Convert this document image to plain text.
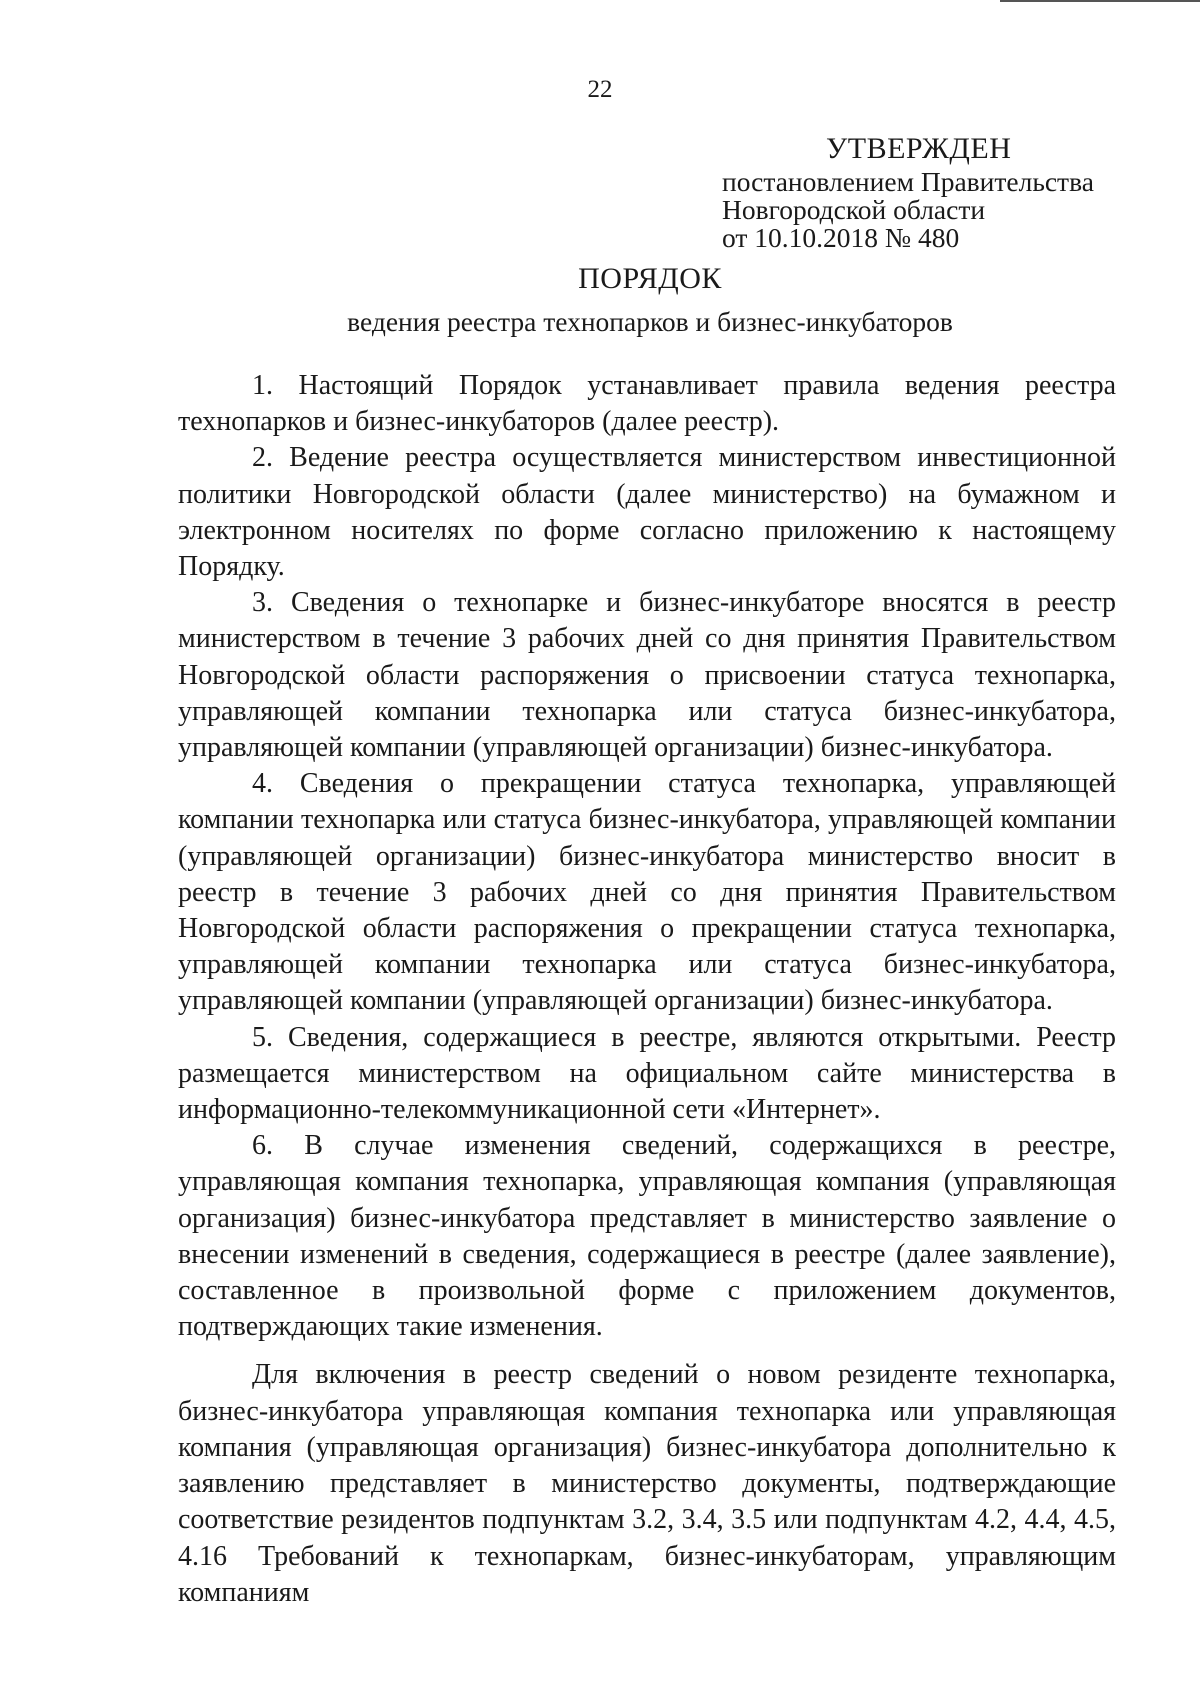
22
УТВЕРЖДЕН
постановлением Правительства
Новгородской области
от 10.10.2018 № 480
ПОРЯДОК
ведения реестра технопарков и бизнес-инкубаторов

1. Настоящий Порядок устанавливает правила ведения реестра технопарков и бизнес-инкубаторов (далее реестр).

2. Ведение реестра осуществляется министерством инвестиционной политики Новгородской области (далее министерство) на бумажном и электронном носителях по форме согласно приложению к настоящему Порядку.

3. Сведения о технопарке и бизнес-инкубаторе вносятся в реестр министерством в течение 3 рабочих дней со дня принятия Правительством Новгородской области распоряжения о присвоении статуса технопарка, управляющей компании технопарка или статуса бизнес-инкубатора, управляющей компании (управляющей организации) бизнес-инкубатора.

4. Сведения о прекращении статуса технопарка, управляющей компании технопарка или статуса бизнес-инкубатора, управляющей компании (управляющей организации) бизнес-инкубатора министерство вносит в реестр в течение 3 рабочих дней со дня принятия Правительством Новгородской области распоряжения о прекращении статуса технопарка, управляющей компании технопарка или статуса бизнес-инкубатора, управляющей компании (управляющей организации) бизнес-инкубатора.

5. Сведения, содержащиеся в реестре, являются открытыми. Реестр размещается министерством на официальном сайте министерства в информационно-телекоммуникационной сети «Интернет».

6. В случае изменения сведений, содержащихся в реестре, управляющая компания технопарка, управляющая компания (управляющая организация) бизнес-инкубатора представляет в министерство заявление о внесении изменений в сведения, содержащиеся в реестре (далее заявление), составленное в произвольной форме с приложением документов, подтверждающих такие изменения.

Для включения в реестр сведений о новом резиденте технопарка, бизнес-инкубатора управляющая компания технопарка или управляющая компания (управляющая организация) бизнес-инкубатора дополнительно к заявлению представляет в министерство документы, подтверждающие соответствие резидентов подпунктам 3.2, 3.4, 3.5 или подпунктам 4.2, 4.4, 4.5, 4.16 Требований к технопаркам, бизнес-инкубаторам, управляющим компаниям
